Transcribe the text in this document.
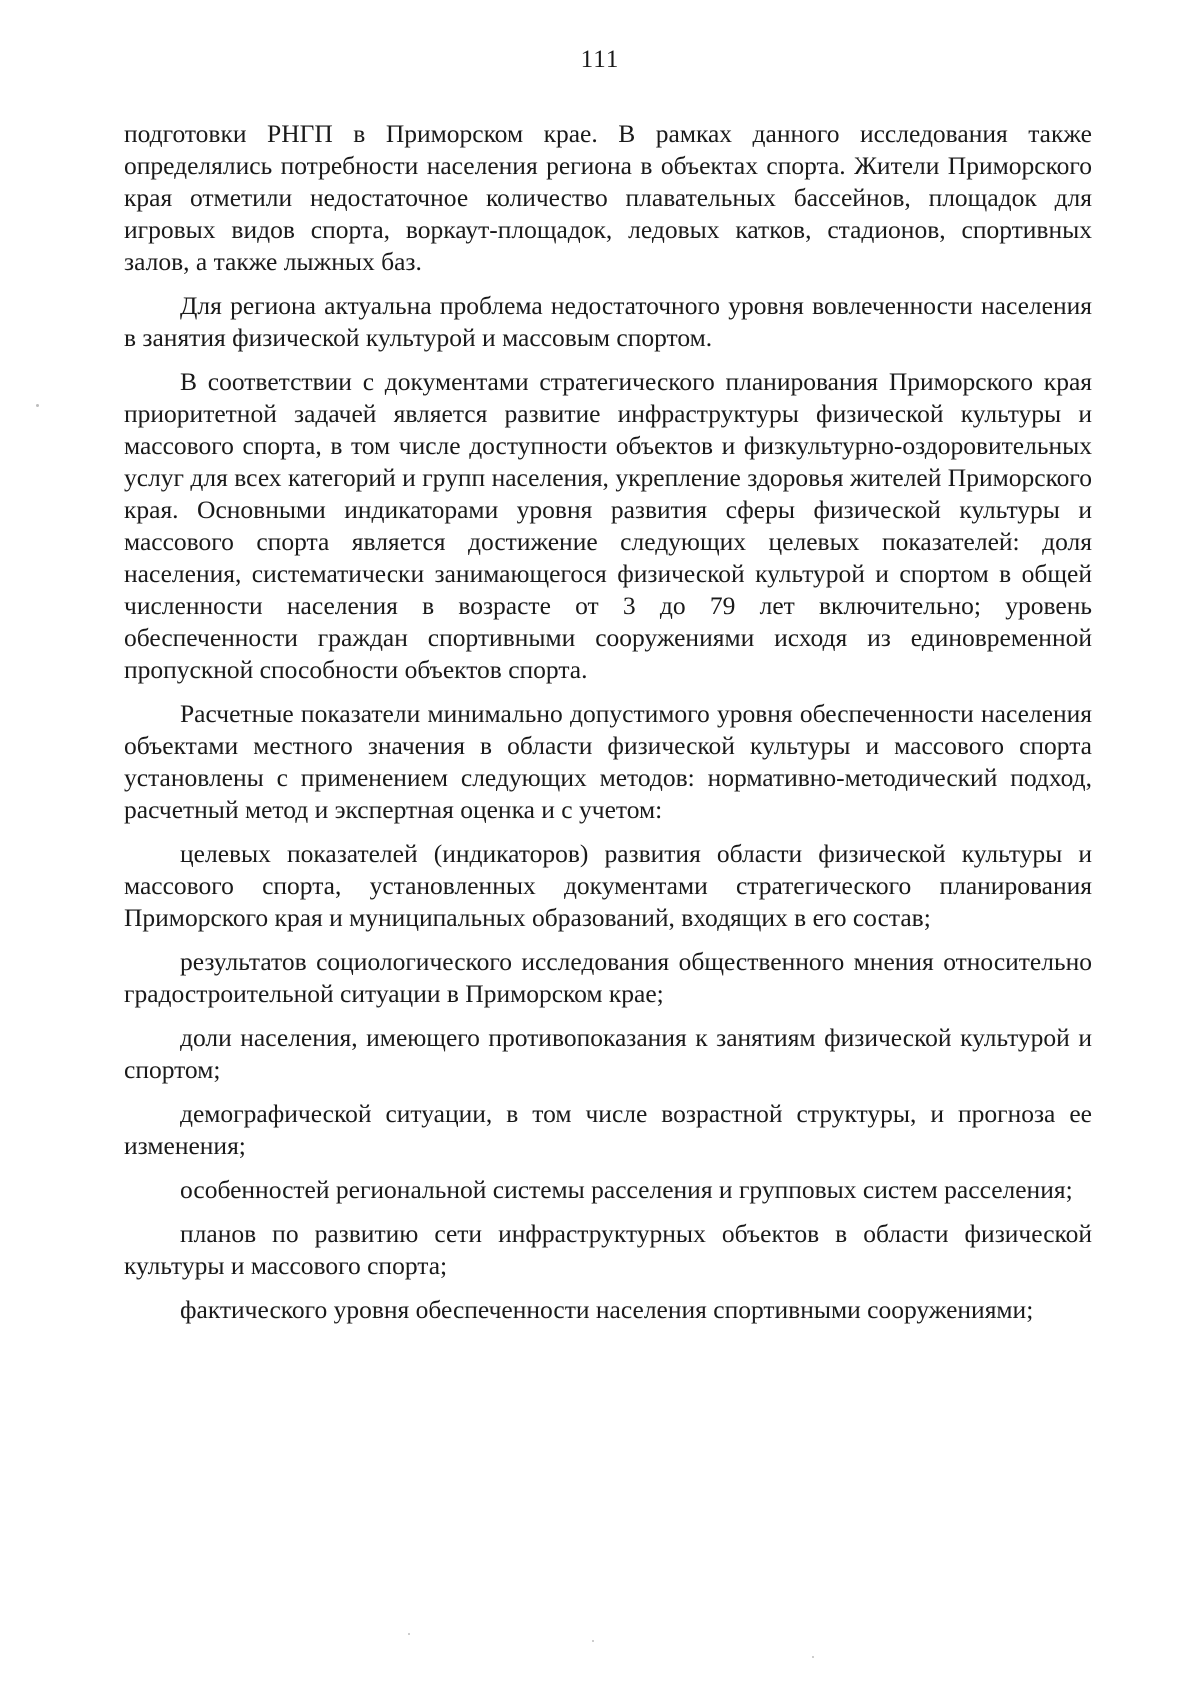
111

подготовки РНГП в Приморском крае. В рамках данного исследования также определялись потребности населения региона в объектах спорта. Жители Приморского края отметили недостаточное количество плавательных бассейнов, площадок для игровых видов спорта, воркаут-площадок, ледовых катков, стадионов, спортивных залов, а также лыжных баз.

Для региона актуальна проблема недостаточного уровня вовлеченности населения в занятия физической культурой и массовым спортом.

В соответствии с документами стратегического планирования Приморского края приоритетной задачей является развитие инфраструктуры физической культуры и массового спорта, в том числе доступности объектов и физкультурно-оздоровительных услуг для всех категорий и групп населения, укрепление здоровья жителей Приморского края. Основными индикаторами уровня развития сферы физической культуры и массового спорта является достижение следующих целевых показателей: доля населения, систематически занимающегося физической культурой и спортом в общей численности населения в возрасте от 3 до 79 лет включительно; уровень обеспеченности граждан спортивными сооружениями исходя из единовременной пропускной способности объектов спорта.

Расчетные показатели минимально допустимого уровня обеспеченности населения объектами местного значения в области физической культуры и массового спорта установлены с применением следующих методов: нормативно-методический подход, расчетный метод и экспертная оценка и с учетом:

целевых показателей (индикаторов) развития области физической культуры и массового спорта, установленных документами стратегического планирования Приморского края и муниципальных образований, входящих в его состав;

результатов социологического исследования общественного мнения относительно градостроительной ситуации в Приморском крае;

доли населения, имеющего противопоказания к занятиям физической культурой и спортом;

демографической ситуации, в том числе возрастной структуры, и прогноза ее изменения;

особенностей региональной системы расселения и групповых систем расселения;

планов по развитию сети инфраструктурных объектов в области физической культуры и массового спорта;

фактического уровня обеспеченности населения спортивными сооружениями;
